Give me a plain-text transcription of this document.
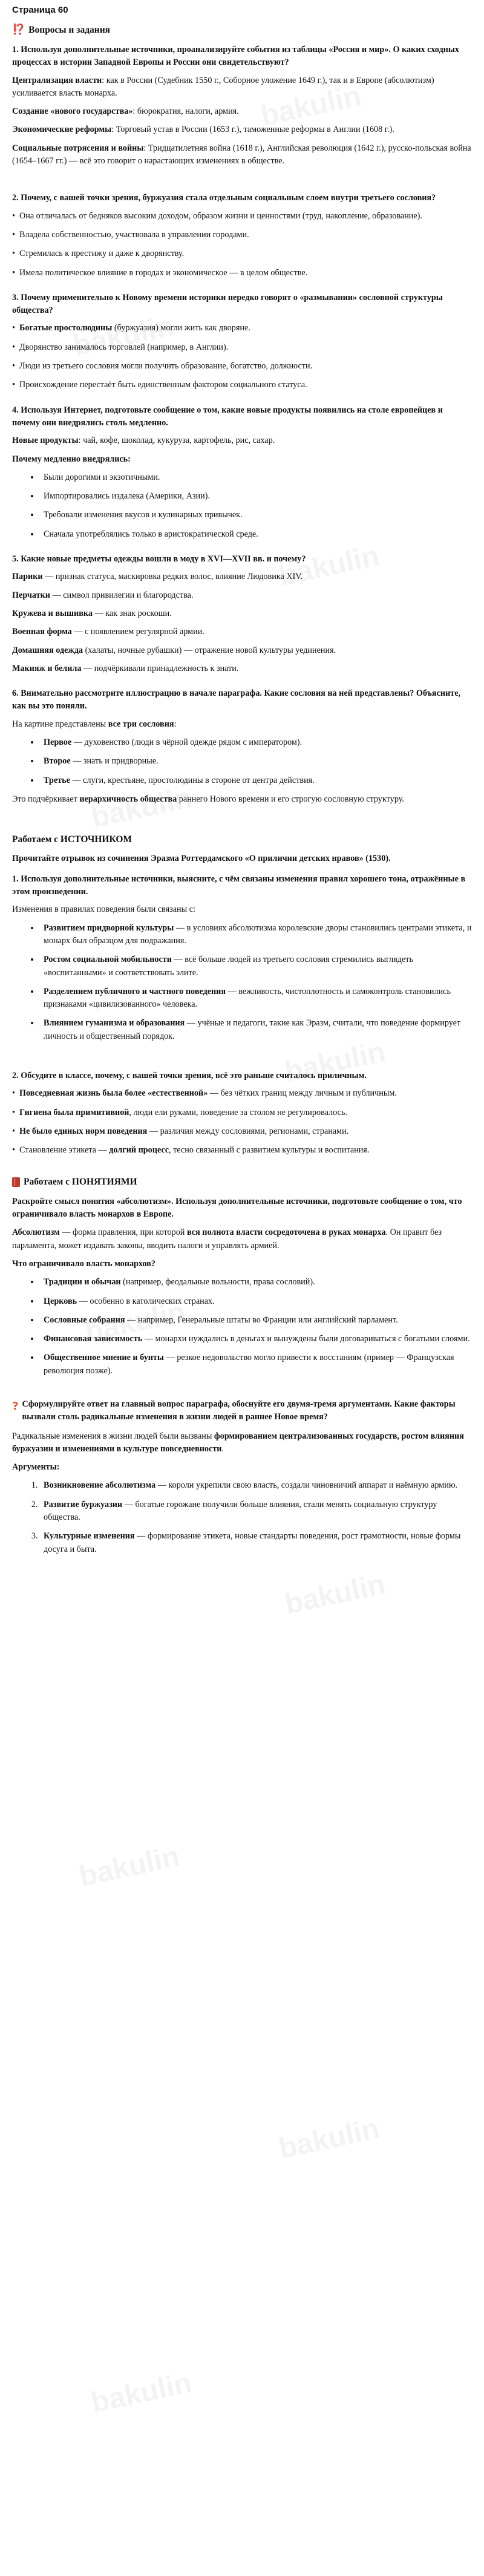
Страница 60
⁉️ Вопросы и задания

1. Используя дополнительные источники, проанализируйте события из таблицы «Россия и мир». О каких сходных процессах в истории Западной Европы и России они свидетельствуют?

Централизация власти: как в России (Судебник 1550 г., Соборное уложение 1649 г.), так и в Европе (абсолютизм) усиливается власть монарха.

Создание «нового государства»: бюрократия, налоги, армия.

Экономические реформы: Торговый устав в России (1653 г.), таможенные реформы в Англии (1608 г.).

Социальные потрясения и войны: Тридцатилетняя война (1618 г.), Английская революция (1642 г.), русско-польская война (1654–1667 гг.) — всё это говорит о нарастающих изменениях в обществе.

2. Почему, с вашей точки зрения, буржуазия стала отдельным социальным слоем внутри третьего сословия?

• Она отличалась от бедняков высоким доходом, образом жизни и ценностями (труд, накопление, образование).
• Владела собственностью, участвовала в управлении городами.
• Стремилась к престижу и даже к дворянству.
• Имела политическое влияние в городах и экономическое — в целом обществе.

3. Почему применительно к Новому времени историки нередко говорят о «размывании» сословной структуры общества?

• Богатые простолюдины (буржуазия) могли жить как дворяне.
• Дворянство занималось торговлей (например, в Англии).
• Люди из третьего сословия могли получить образование, богатство, должности.
• Происхождение перестаёт быть единственным фактором социального статуса.

4. Используя Интернет, подготовьте сообщение о том, какие новые продукты появились на столе европейцев и почему они внедрялись столь медленно.

Новые продукты: чай, кофе, шоколад, кукуруза, картофель, рис, сахар.

Почему медленно внедрялись:

• Были дорогими и экзотичными.
• Импортировались издалека (Америки, Азии).
• Требовали изменения вкусов и кулинарных привычек.
• Сначала употреблялись только в аристократической среде.

5. Какие новые предметы одежды вошли в моду в XVI—XVII вв. и почему?

Парики — признак статуса, маскировка редких волос, влияние Людовика XIV.

Перчатки — символ привилегии и благородства.

Кружева и вышивка — как знак роскоши.

Военная форма — с появлением регулярной армии.

Домашняя одежда (халаты, ночные рубашки) — отражение новой культуры уединения.

Макияж и белила — подчёркивали принадлежность к знати.

6. Внимательно рассмотрите иллюстрацию в начале параграфа. Какие сословия на ней представлены? Объясните, как вы это поняли.

На картине представлены все три сословия:

• Первое — духовенство (люди в чёрной одежде рядом с императором).
• Второе — знать и придворные.
• Третье — слуги, крестьяне, простолюдины в стороне от центра действия.

Это подчёркивает иерархичность общества раннего Нового времени и его строгую сословную структуру.

Работаем с ИСТОЧНИКОМ

Прочитайте отрывок из сочинения Эразма Роттердамского «О приличии детских нравов» (1530).

1. Используя дополнительные источники, выясните, с чём связаны изменения правил хорошего тона, отражённые в этом произведении.

Изменения в правилах поведения были связаны с:

• Развитием придворной культуры — в условиях абсолютизма королевские дворы становились центрами этикета, и монарх был образцом для подражания.
• Ростом социальной мобильности — всё больше людей из третьего сословия стремились выглядеть «воспитанными» и соответствовать элите.
• Разделением публичного и частного поведения — вежливость, чистоплотность и самоконтроль становились признаками «цивилизованного» человека.
• Влиянием гуманизма и образования — учёные и педагоги, такие как Эразм, считали, что поведение формирует личность и общественный порядок.

2. Обсудите в классе, почему, с вашей точки зрения, всё это раньше считалось приличным.

• Повседневная жизнь была более «естественной» — без чётких границ между личным и публичным.
• Гигиена была примитивной, люди ели руками, поведение за столом не регулировалось.
• Не было единых норм поведения — различия между сословиями, регионами, странами.
• Становление этикета — долгий процесс, тесно связанный с развитием культуры и воспитания.
Работаем с ПОНЯТИЯМИ

Раскройте смысл понятия «абсолютизм». Используя дополнительные источники, подготовьте сообщение о том, что ограничивало власть монархов в Европе.

Абсолютизм — форма правления, при которой вся полнота власти сосредоточена в руках монарха. Он правит без парламента, может издавать законы, вводить налоги и управлять армией.

Что ограничивало власть монархов?

• Традиции и обычаи (например, феодальные вольности, права сословий).
• Церковь — особенно в католических странах.
• Сословные собрания — например, Генеральные штаты во Франции или английский парламент.
• Финансовая зависимость — монархи нуждались в деньгах и вынуждены были договариваться с богатыми слоями.
• Общественное мнение и бунты — резкое недовольство могло привести к восстаниям (пример — Французская революция позже).
? Сформулируйте ответ на главный вопрос параграфа, обоснуйте его двумя-тремя аргументами. Какие факторы вызвали столь радикальные изменения в жизни людей в раннее Новое время?

Радикальные изменения в жизни людей были вызваны формированием централизованных государств, ростом влияния буржуазии и изменениями в культуре повседневности.

Аргументы:

1. Возникновение абсолютизма — короли укрепили свою власть, создали чиновничий аппарат и наёмную армию.
2. Развитие буржуазии — богатые горожане получили больше влияния, стали менять социальную структуру общества.
3. Культурные изменения — формирование этикета, новые стандарты поведения, рост грамотности, новые формы досуга и быта.
